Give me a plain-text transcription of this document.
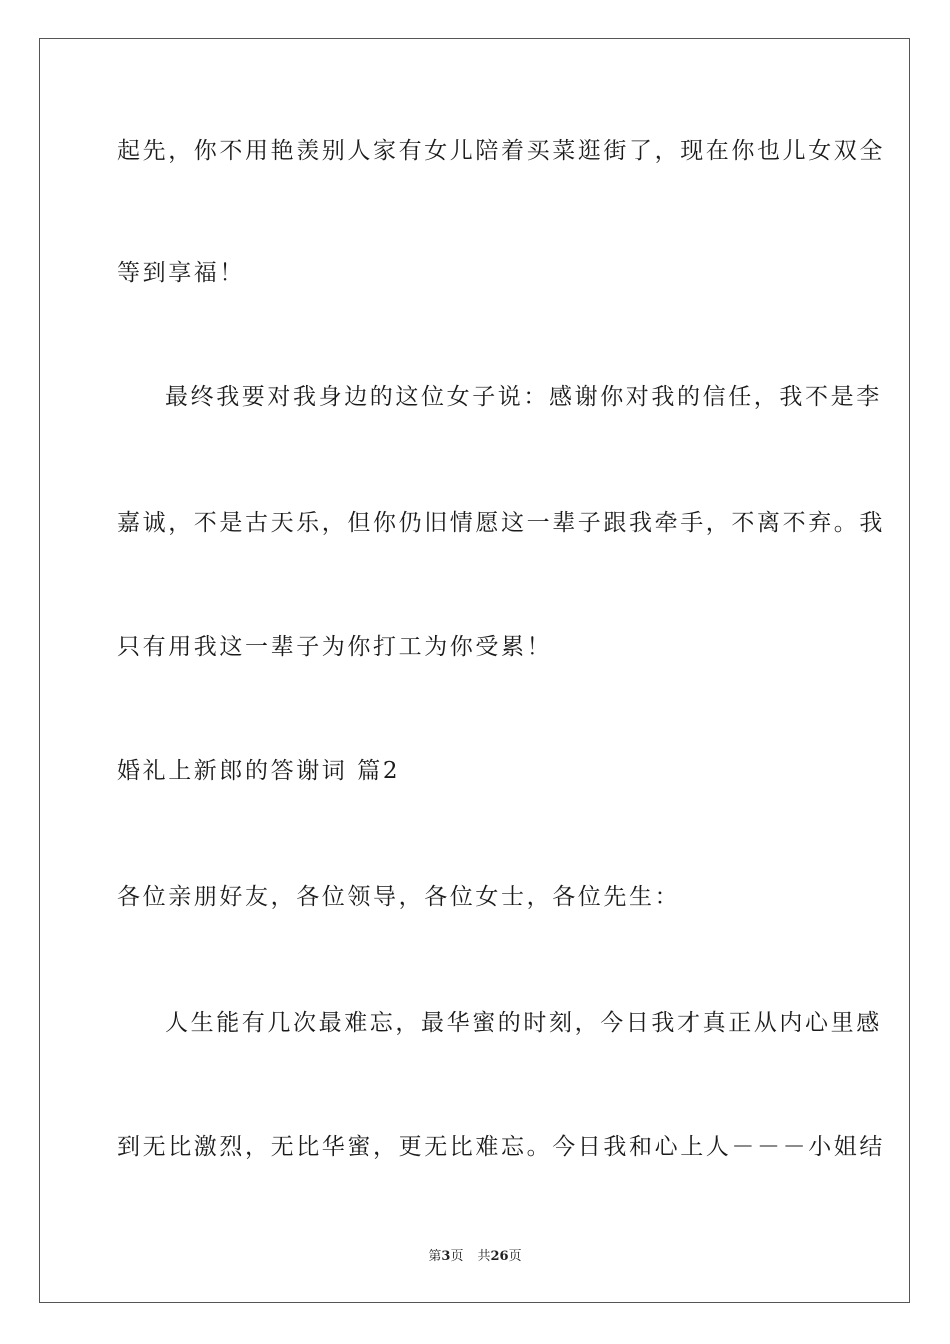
起先，你不用艳羡别人家有女儿陪着买菜逛街了，现在你也儿女双全
等到享福！
最终我要对我身边的这位女子说：感谢你对我的信任，我不是李
嘉诚，不是古天乐，但你仍旧情愿这一辈子跟我牵手，不离不弃。我
只有用我这一辈子为你打工为你受累！
婚礼上新郎的答谢词 篇2
各位亲朋好友，各位领导，各位女士，各位先生：
人生能有几次最难忘，最华蜜的时刻，今日我才真正从内心里感
到无比激烈，无比华蜜，更无比难忘。今日我和心上人－－－小姐结
第3页 共26页
